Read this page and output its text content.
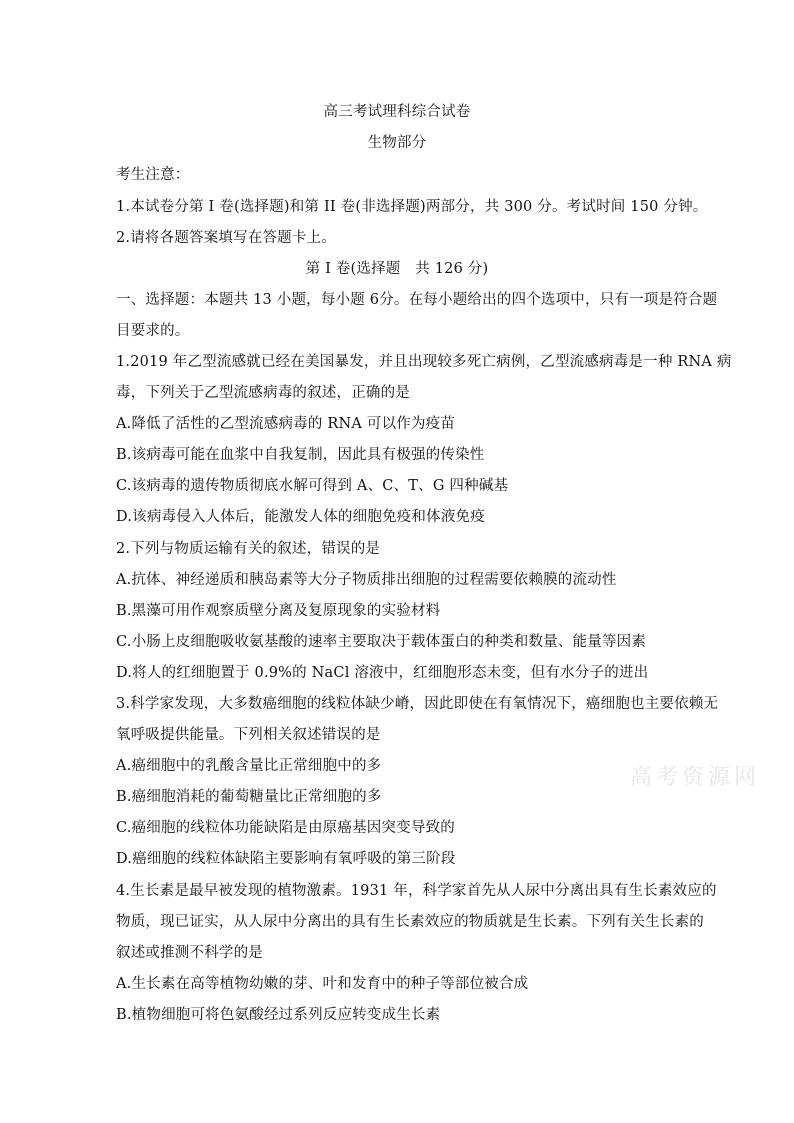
高三考试理科综合试卷
生物部分
考生注意：
1.本试卷分第 I 卷(选择题)和第 II 卷(非选择题)两部分，共 300 分。考试时间 150 分钟。
2.请将各题答案填写在答题卡上。
第 I 卷(选择题　共 126 分)
一、选择题：本题共 13 小题，每小题 6分。在每小题给出的四个选项中，只有一项是符合题
目要求的。
1.2019 年乙型流感就已经在美国暴发，并且出现较多死亡病例，乙型流感病毒是一种 RNA 病
毒，下列关于乙型流感病毒的叙述，正确的是
A.降低了活性的乙型流感病毒的 RNA 可以作为疫苗
B.该病毒可能在血浆中自我复制，因此具有极强的传染性
C.该病毒的遗传物质彻底水解可得到 A、C、T、G 四种碱基
D.该病毒侵入人体后，能激发人体的细胞免疫和体液免疫
2.下列与物质运输有关的叙述，错误的是
A.抗体、神经递质和胰岛素等大分子物质排出细胞的过程需要依赖膜的流动性
B.黑藻可用作观察质壁分离及复原现象的实验材料
C.小肠上皮细胞吸收氨基酸的速率主要取决于载体蛋白的种类和数量、能量等因素
D.将人的红细胞置于 0.9%的 NaCl 溶液中，红细胞形态未变，但有水分子的进出
3.科学家发现，大多数癌细胞的线粒体缺少嵴，因此即使在有氧情况下，癌细胞也主要依赖无
氧呼吸提供能量。下列相关叙述错误的是
A.癌细胞中的乳酸含量比正常细胞中的多
B.癌细胞消耗的葡萄糖量比正常细胞的多
C.癌细胞的线粒体功能缺陷是由原癌基因突变导致的
D.癌细胞的线粒体缺陷主要影响有氧呼吸的第三阶段
4.生长素是最早被发现的植物激素。1931 年，科学家首先从人尿中分离出具有生长素效应的
物质，现已证实，从人尿中分离出的具有生长素效应的物质就是生长素。下列有关生长素的
叙述或推测不科学的是
A.生长素在高等植物幼嫩的芽、叶和发育中的种子等部位被合成
B.植物细胞可将色氨酸经过系列反应转变成生长素
高考资源网
